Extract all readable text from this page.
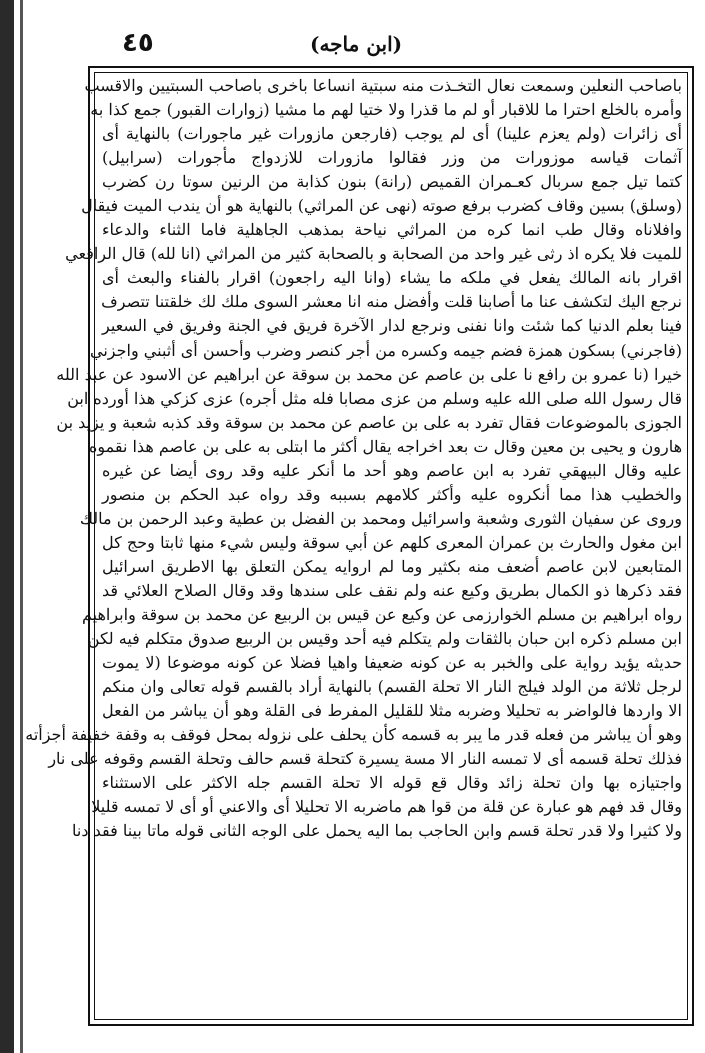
٤٥	(ابن ماجه)
باصاحب النعلين وسمعت نعال التخـذت منه سبتية انساعا باخرى باصاحب السبتيين والاقسب
وأمره بالخلع احترا ما للاقبار أو لم ما قذرا ولا ختيا لهم ما مشيا (زوارات القبور) جمع كذا به
أى زائرات (ولم يعزم علينا) أى لم يوجب (فارجعن مازورات غير ماجورات) بالنهاية أى
آثمات قياسه موزورات من وزر فقالوا مازورات للازدواج مأجورات (سرابيل)
كتما تيل جمع سربال كعـمران القميص (رانة) بنون كذابة من الرنين سوتا رن كضرب
(وسلق) بسين وقاف كضرب برفع صوته (نهى عن المراثي) بالنهاية هو أن يندب الميت فيقال
وافلاناه وقال طب انما كره من المراثي نياحة بمذهب الجاهلية فاما الثناء والدعاء
للميت فلا يكره اذ رثى غير واحد من الصحابة و بالصحابة كثير من المراثي (انا لله) قال الرافعي
اقرار بانه المالك يفعل في ملكه ما يشاء (وانا اليه راجعون) اقرار بالفناء والبعث أى
نرجع اليك لتكشف عنا ما أصابنا قلت وأفضل منه انا معشر السوى ملك لك خلقتنا تتصرف
فينا بعلم الدنيا كما شئت وانا نفنى ونرجع لدار الآخرة فريق في الجنة وفريق في السعير
(فاجرني) بسكون همزة فضم جيمه وكسره من أجر كنصر وضرب وأحسن أى أثبني واجزني
خيرا (نا عمرو بن رافع نا على بن عاصم عن محمد بن سوقة عن ابراهيم عن الاسود عن عبد الله
قال رسول الله صلى الله عليه وسلم من عزى مصابا فله مثل أجره) عزى كزكي هذا أورده ابن
الجوزى بالموضوعات فقال تفرد به على بن عاصم عن محمد بن سوقة وقد كذبه شعبة و يزيد بن
هارون و يحيى بن معين وقال ت بعد اخراجه يقال أكثر ما ابتلى به على بن عاصم هذا نقموه
عليه وقال البيهقي تفرد به ابن عاصم وهو أحد ما أنكر عليه وقد روى أيضا عن غيره
والخطيب هذا مما أنكروه عليه وأكثر كلامهم بسببه وقد رواه عبد الحكم بن منصور
وروى عن سفيان الثورى وشعبة واسرائيل ومحمد بن الفضل بن عطية وعبد الرحمن بن مالك
ابن مغول والحارث بن عمران المعرى كلهم عن أبي سوقة وليس شيء منها ثابتا وحج كل
المتابعين لابن عاصم أضعف منه بكثير وما لم اروايه يمكن التعلق بها الاطريق اسرائيل
فقد ذكرها ذو الكمال بطريق وكيع عنه ولم نقف على سندها وقد وقال الصلاح العلائي قد
رواه ابراهيم بن مسلم الخوارزمى عن وكيع عن قيس بن الربيع عن محمد بن سوقة وابراهيم
ابن مسلم ذكره ابن حبان بالثقات ولم يتكلم فيه أحد وقيس بن الربيع صدوق متكلم فيه لكن
حديثه يؤيد رواية على والخبر به عن كونه ضعيفا واهيا فضلا عن كونه موضوعا (لا يموت
لرجل ثلاثة من الولد فيلج النار الا تحلة القسم) بالنهاية أراد بالقسم قوله تعالى وان منكم
الا واردها فالواضر به تحليلا وضربه مثلا للقليل المفرط فى القلة وهو أن يباشر من الفعل
وهو أن يباشر من فعله قدر ما يبر به قسمه كأن يحلف على نزوله بمحل فوقف به وقفة خفيفة أجزأته
فذلك تحلة قسمه أى لا تمسه النار الا مسة يسيرة كتحلة قسم حالف وتحلة القسم وقوفه على نار
واجتيازه بها وان تحلة زائد وقال قع قوله الا تحلة القسم جله الاكثر على الاستثناء
وقال قد فهم هو عبارة عن قلة من قوا هم ماضربه الا تحليلا أى والاعني أو أى لا تمسه قليلا
ولا كثيرا ولا قدر تحلة قسم وابن الحاجب بما اليه يحمل على الوجه الثانى قوله ماتا بينا فقد دنا
